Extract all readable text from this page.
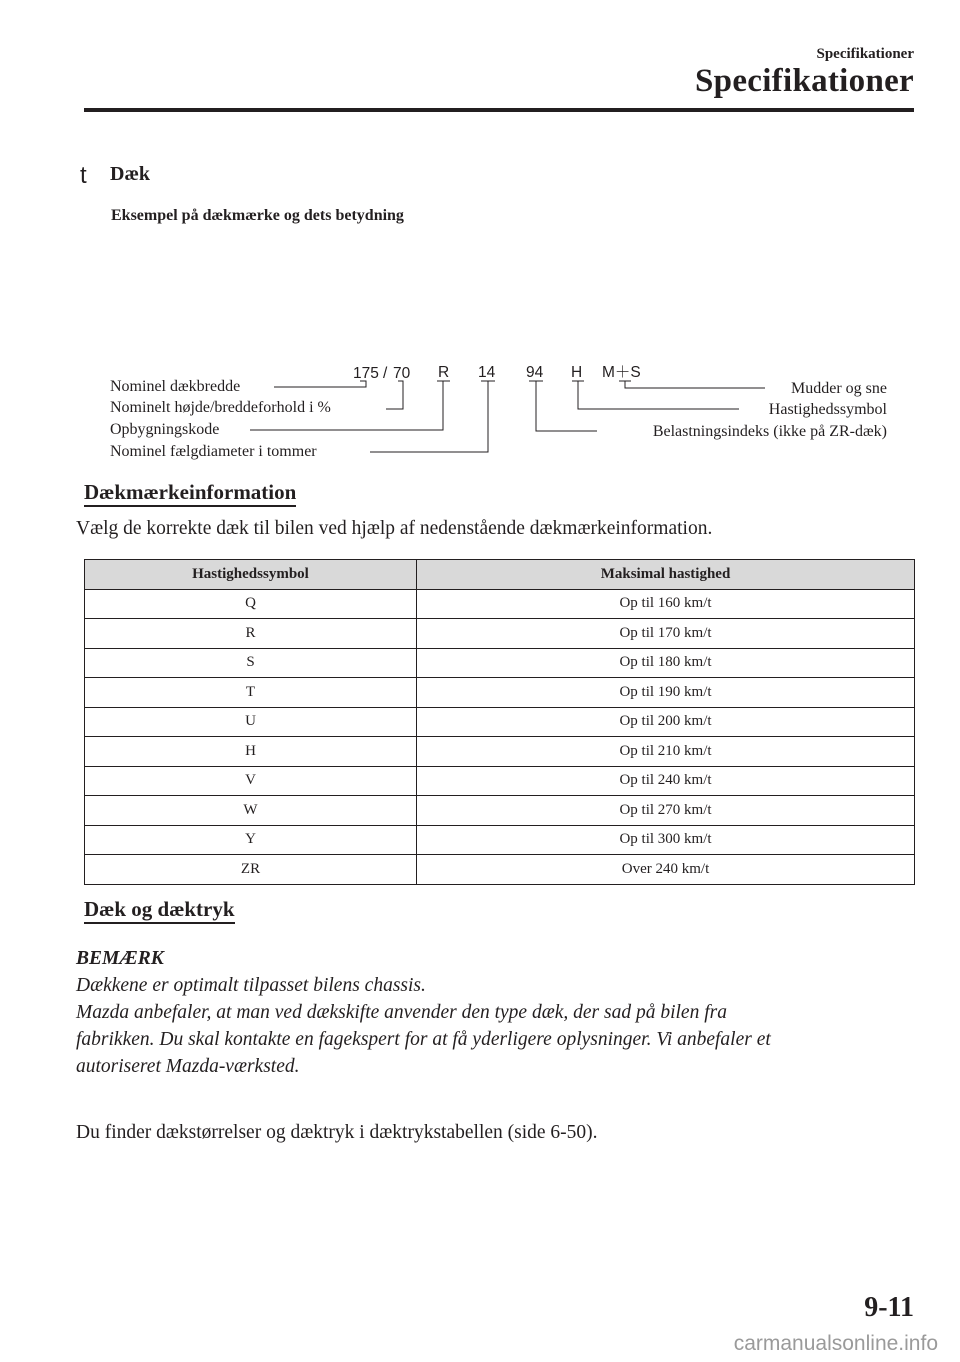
Specifikationer
Specifikationer
t Dæk
Eksempel på dækmærke og dets betydning
175 / 70 R 14 94 H M＋S
Nominel dækbredde
Nominelt højde/breddeforhold i %
Opbygningskode
Nominel fælgdiameter i tommer
Mudder og sne
Hastighedssymbol
Belastningsindeks (ikke på ZR-dæk)
Dækmærkeinformation
Vælg de korrekte dæk til bilen ved hjælp af nedenstående dækmærkeinformation.
Hastighedssymbol	Maksimal hastighed
Q	Op til 160 km/t
R	Op til 170 km/t
S	Op til 180 km/t
T	Op til 190 km/t
U	Op til 200 km/t
H	Op til 210 km/t
V	Op til 240 km/t
W	Op til 270 km/t
Y	Op til 300 km/t
ZR	Over 240 km/t
Dæk og dæktryk
BEMÆRK
Dækkene er optimalt tilpasset bilens chassis.
Mazda anbefaler, at man ved dækskifte anvender den type dæk, der sad på bilen fra
fabrikken. Du skal kontakte en fagekspert for at få yderligere oplysninger. Vi anbefaler et
autoriseret Mazda-værksted.
Du finder dækstørrelser og dæktryk i dæktrykstabellen (side 6-50).
9-11
carmanualsonline.info
